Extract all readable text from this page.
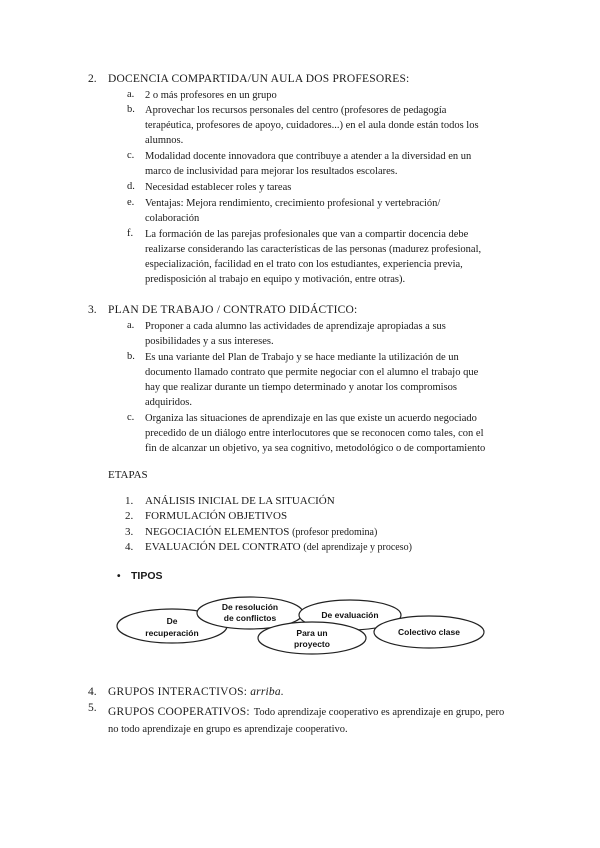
2. DOCENCIA COMPARTIDA/UN AULA DOS PROFESORES:
a. 2 o más profesores en un grupo
b. Aprovechar los recursos personales del centro (profesores de pedagogía
terapéutica, profesores de apoyo, cuidadores...) en el aula donde están todos los
alumnos.
c. Modalidad docente innovadora que contribuye a atender a la diversidad en un
marco de inclusividad para mejorar los resultados escolares.
d. Necesidad establecer roles y tareas
e. Ventajas: Mejora rendimiento, crecimiento profesional y vertebración/
colaboración
f. La formación de las parejas profesionales que van a compartir docencia debe
realizarse considerando las características de las personas (madurez profesional,
especialización, facilidad en el trato con los estudiantes, experiencia previa,
predisposición al trabajo en equipo y motivación, entre otras).
3. PLAN DE TRABAJO / CONTRATO DIDÁCTICO:
a. Proponer a cada alumno las actividades de aprendizaje apropiadas a sus
posibilidades y a sus intereses.
b. Es una variante del Plan de Trabajo y se hace mediante la utilización de un
documento llamado contrato que permite negociar con el alumno el trabajo que
hay que realizar durante un tiempo determinado y anotar los compromisos
adquiridos.
c. Organiza las situaciones de aprendizaje en las que existe un acuerdo negociado
precedido de un diálogo entre interlocutores que se reconocen como tales, con el
fin de alcanzar un objetivo, ya sea cognitivo, metodológico o de comportamiento
ETAPAS
1. ANÁLISIS INICIAL DE LA SITUACIÓN
2. FORMULACIÓN OBJETIVOS
3. NEGOCIACIÓN ELEMENTOS (profesor predomina)
4. EVALUACIÓN DEL CONTRATO (del aprendizaje y proceso)
• TIPOS
De
recuperación
De resolución
de conflictos	De evaluación
Para un
proyecto
Colectivo clase
4. GRUPOS INTERACTIVOS: arriba.
5. GRUPOS COOPERATIVOS: Todo aprendizaje cooperativo es aprendizaje en grupo, pero
no todo aprendizaje en grupo es aprendizaje cooperativo.
